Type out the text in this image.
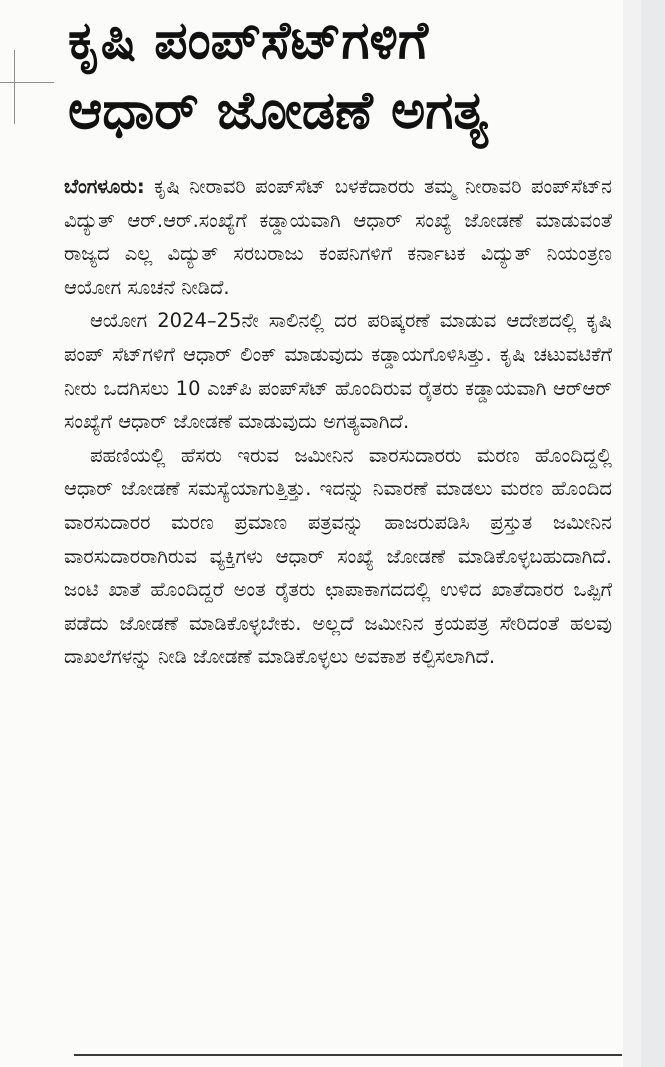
ಕೃಷಿ ಪಂಪ್‌ಸೆಟ್‌ಗಳಿಗೆ
ಆಧಾರ್ ಜೋಡಣೆ ಅಗತ್ಯ

ಬೆಂಗಳೂರು: ಕೃಷಿ ನೀರಾವರಿ ಪಂಪ್‌ಸೆಟ್ ಬಳಕೆದಾರರು ತಮ್ಮ ನೀರಾವರಿ ಪಂಪ್‌ಸೆಟ್‌ನ ವಿದ್ಯುತ್ ಆರ್.ಆರ್.ಸಂಖ್ಯೆಗೆ ಕಡ್ಡಾಯವಾಗಿ ಆಧಾರ್ ಸಂಖ್ಯೆ ಜೋಡಣೆ ಮಾಡುವಂತೆ ರಾಜ್ಯದ ಎಲ್ಲ ವಿದ್ಯುತ್ ಸರಬರಾಜು ಕಂಪನಿಗಳಿಗೆ ಕರ್ನಾಟಕ ವಿದ್ಯುತ್ ನಿಯಂತ್ರಣ ಆಯೋಗ ಸೂಚನೆ ನೀಡಿದೆ.

ಆಯೋಗ 2024–25ನೇ ಸಾಲಿನಲ್ಲಿ ದರ ಪರಿಷ್ಕರಣೆ ಮಾಡುವ ಆದೇಶದಲ್ಲಿ ಕೃಷಿ ಪಂಪ್ ಸೆಟ್‌ಗಳಿಗೆ ಆಧಾರ್ ಲಿಂಕ್ ಮಾಡುವುದು ಕಡ್ಡಾಯಗೊಳಿಸಿತ್ತು. ಕೃಷಿ ಚಟುವಟಿಕೆಗೆ ನೀರು ಒದಗಿಸಲು 10 ಎಚ್‌ಪಿ ಪಂಪ್‌ಸೆಟ್ ಹೊಂದಿರುವ ರೈತರು ಕಡ್ಡಾಯವಾಗಿ ಆರ್‌ಆರ್ ಸಂಖ್ಯೆಗೆ ಆಧಾರ್ ಜೋಡಣೆ ಮಾಡುವುದು ಅಗತ್ಯವಾಗಿದೆ.

ಪಹಣಿಯಲ್ಲಿ ಹೆಸರು ಇರುವ ಜಮೀನಿನ ವಾರಸುದಾರರು ಮರಣ ಹೊಂದಿದ್ದಲ್ಲಿ ಆಧಾರ್ ಜೋಡಣೆ ಸಮಸ್ಯೆಯಾಗುತ್ತಿತ್ತು. ಇದನ್ನು ನಿವಾರಣೆ ಮಾಡಲು ಮರಣ ಹೊಂದಿದ ವಾರಸುದಾರರ ಮರಣ ಪ್ರಮಾಣ ಪತ್ರವನ್ನು ಹಾಜರುಪಡಿಸಿ ಪ್ರಸ್ತುತ ಜಮೀನಿನ ವಾರಸುದಾರರಾಗಿರುವ ವ್ಯಕ್ತಿಗಳು ಆಧಾರ್ ಸಂಖ್ಯೆ ಜೋಡಣೆ ಮಾಡಿಕೊಳ್ಳಬಹುದಾಗಿದೆ. ಜಂಟಿ ಖಾತೆ ಹೊಂದಿದ್ದರೆ ಅಂತ ರೈತರು ಛಾಪಾಕಾಗದದಲ್ಲಿ ಉಳಿದ ಖಾತೆದಾರರ ಒಪ್ಪಿಗೆ ಪಡೆದು ಜೋಡಣೆ ಮಾಡಿಕೊಳ್ಳಬೇಕು. ಅಲ್ಲದೆ ಜಮೀನಿನ ಕ್ರಯಪತ್ರ ಸೇರಿದಂತೆ ಹಲವು ದಾಖಲೆಗಳನ್ನು ನೀಡಿ ಜೋಡಣೆ ಮಾಡಿಕೊಳ್ಳಲು ಅವಕಾಶ ಕಲ್ಪಿಸಲಾಗಿದೆ.
